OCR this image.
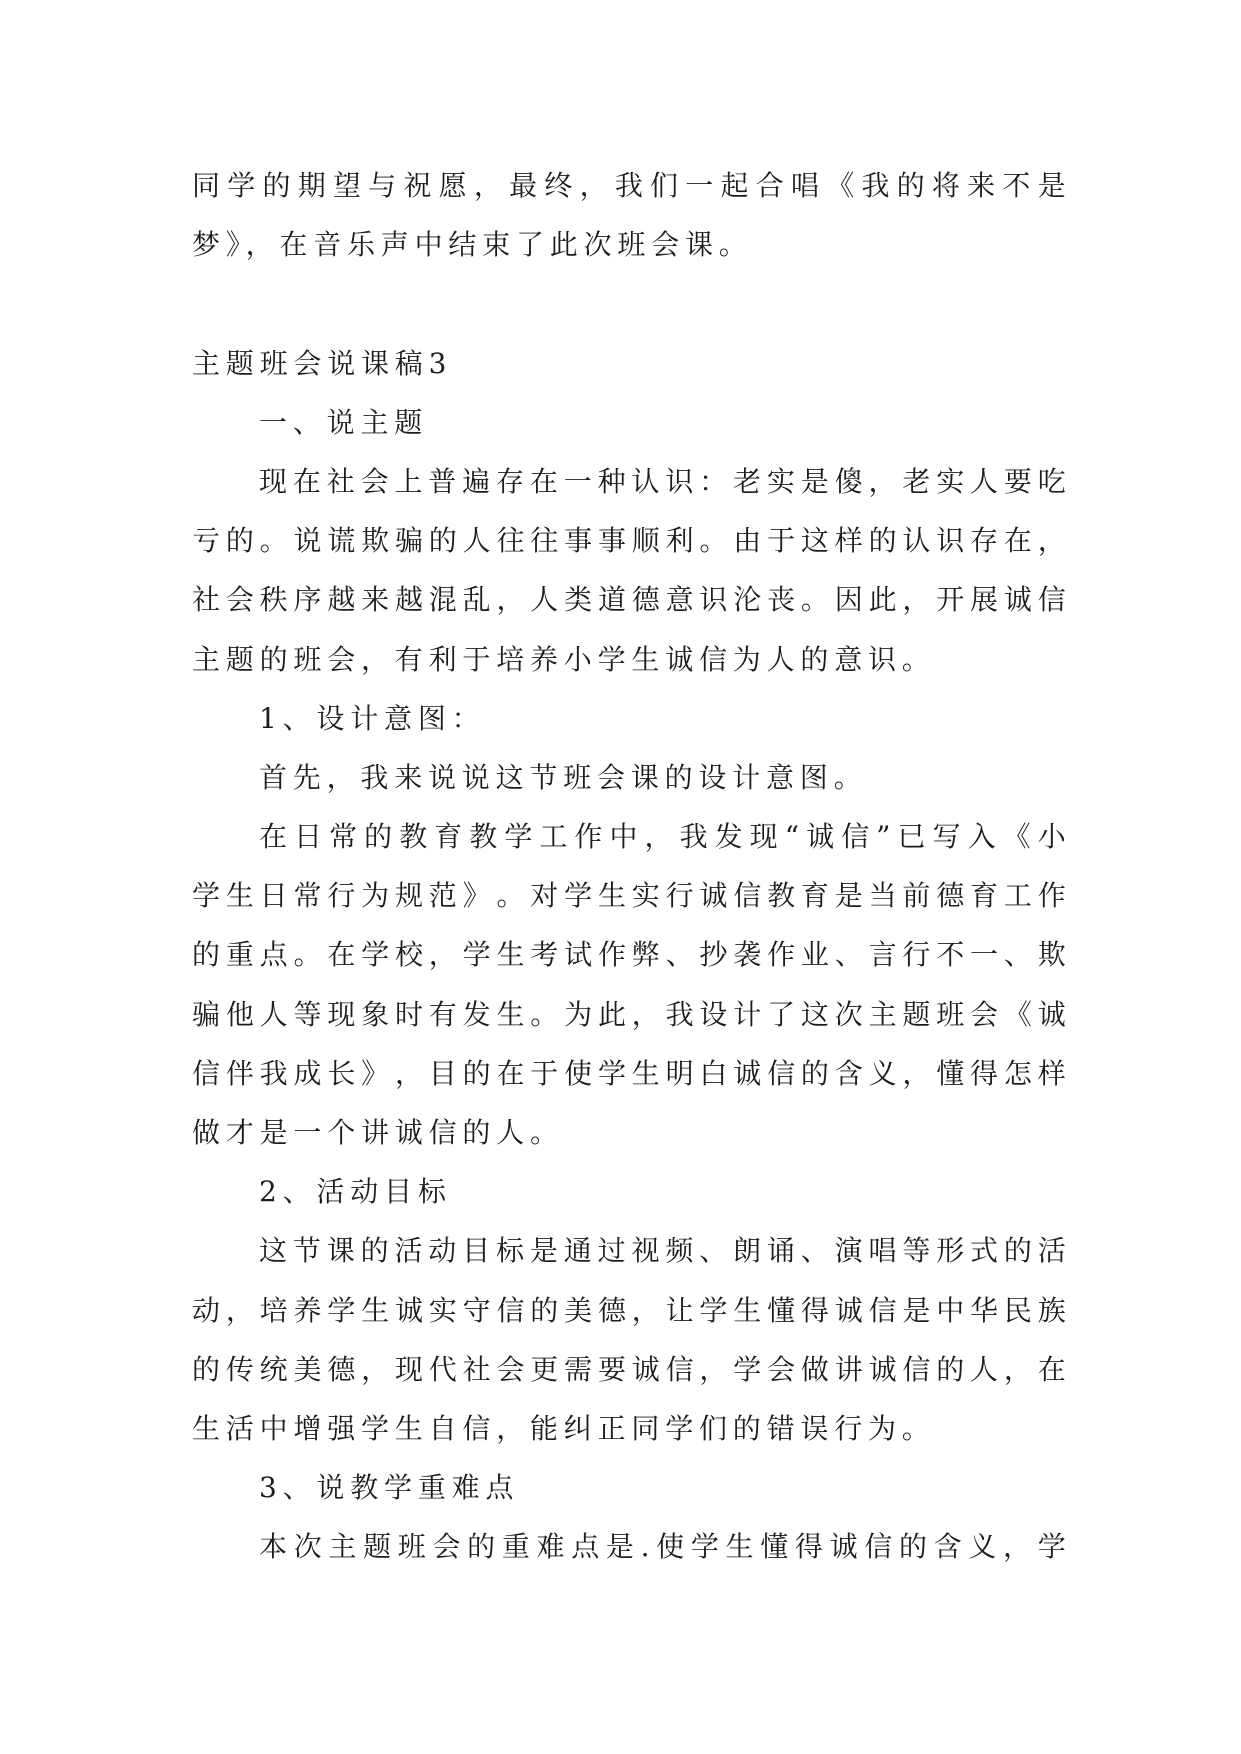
同 学 的 期 望 与 祝 愿 ， 最 终 ， 我 们 一 起 合 唱 《 我 的 将 来 不 是
梦》，在音乐声中结束了此次班会课。
主题班会说课稿3
一、说主题
现 在 社 会 上 普 遍 存 在 一 种 认 识 ： 老 实 是 傻 ， 老 实 人 要 吃
亏 的 。 说 谎 欺 骗 的 人 往 往 事 事 顺 利 。 由 于 这 样 的 认 识 存 在 ，
社 会 秩 序 越 来 越 混 乱 ， 人 类 道 德 意 识 沦 丧 。 因 此 ， 开 展 诚 信
主题的班会，有利于培养小学生诚信为人的意识。
1、设计意图：
首先，我来说说这节班会课的设计意图。
在 日 常 的 教 育 教 学 工 作 中 ， 我 发 现 “ 诚 信 ” 已 写 入 《 小
学 生 日 常 行 为 规 范 》 。 对 学 生 实 行 诚 信 教 育 是 当 前 德 育 工 作
的 重 点 。 在 学 校 ， 学 生 考 试 作 弊 、 抄 袭 作 业 、 言 行 不 一 、 欺
骗 他 人 等 现 象 时 有 发 生 。 为 此 ， 我 设 计 了 这 次 主 题 班 会 《 诚
信 伴 我 成 长 》 ， 目 的 在 于 使 学 生 明 白 诚 信 的 含 义 ， 懂 得 怎 样
做才是一个讲诚信的人。
2、活动目标
这 节 课 的 活 动 目 标 是 通 过 视 频 、 朗 诵 、 演 唱 等 形 式 的 活
动 ， 培 养 学 生 诚 实 守 信 的 美 德 ， 让 学 生 懂 得 诚 信 是 中 华 民 族
的 传 统 美 德 ， 现 代 社 会 更 需 要 诚 信 ， 学 会 做 讲 诚 信 的 人 ， 在
生活中增强学生自信，能纠正同学们的错误行为。
3、说教学重难点
本 次 主 题 班 会 的 重 难 点 是 . 使 学 生 懂 得 诚 信 的 含 义 ， 学
